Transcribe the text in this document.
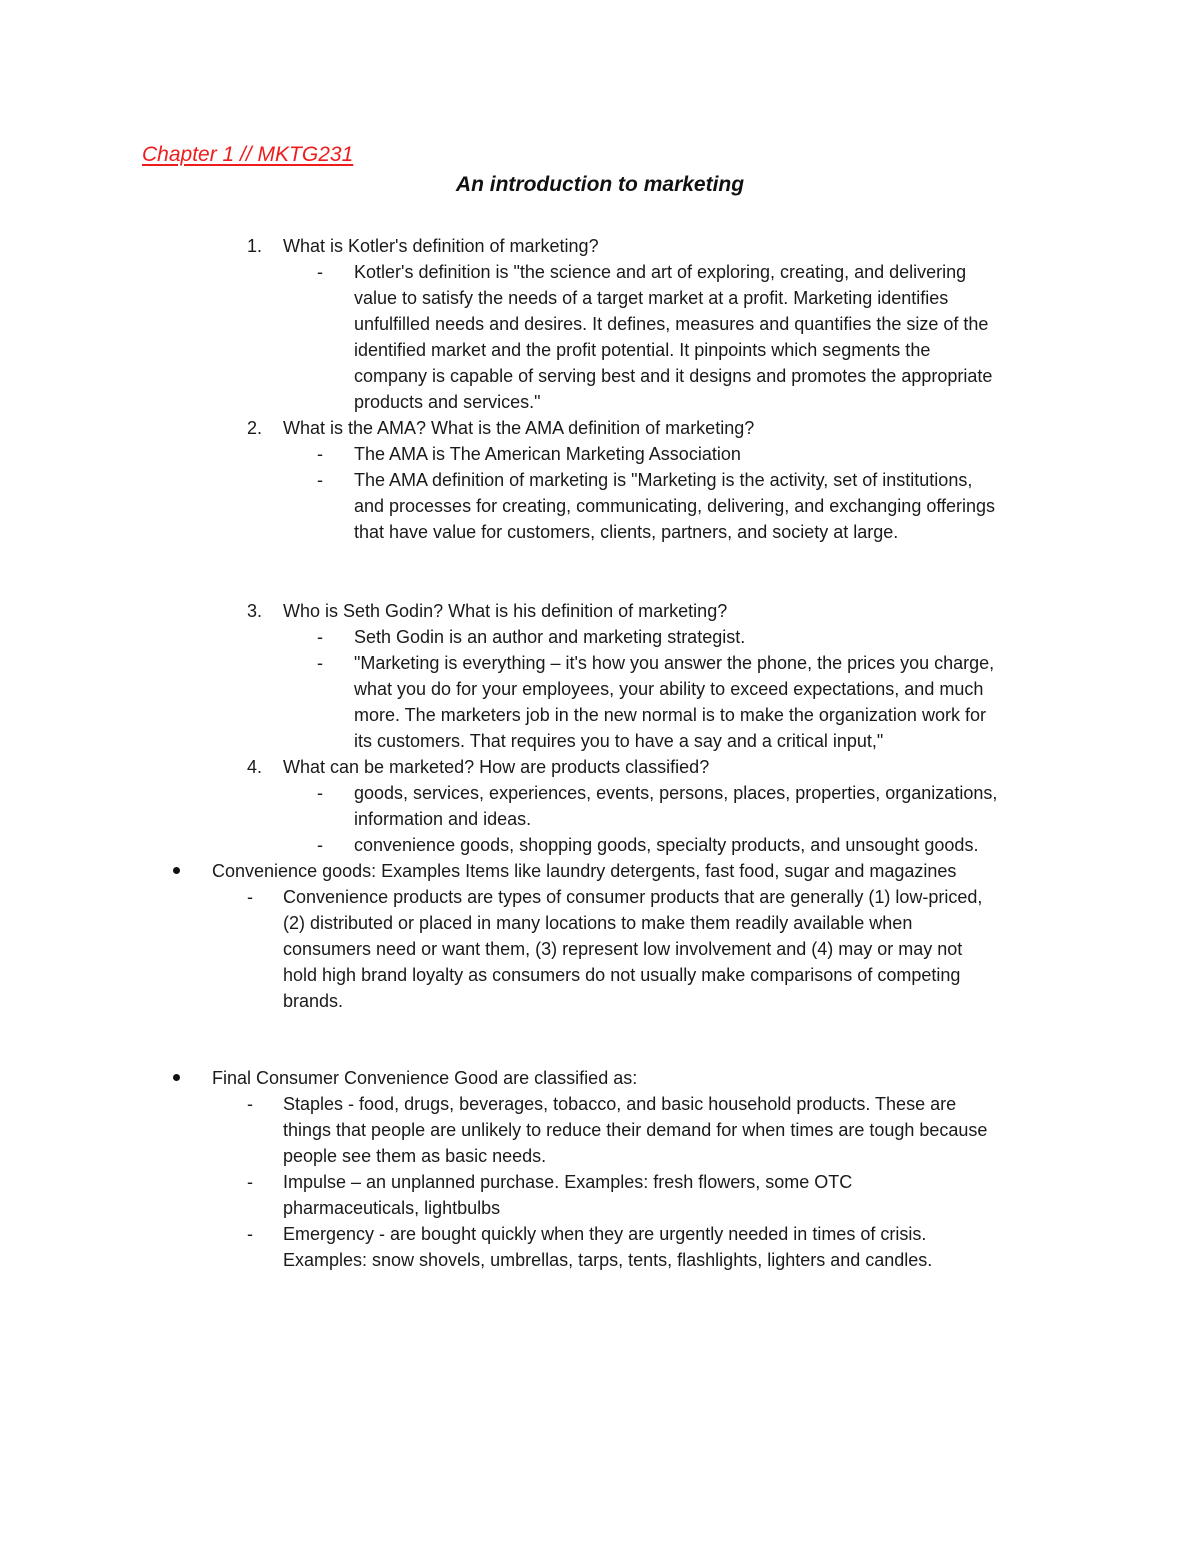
Chapter 1 // MKTG231
An introduction to marketing
1. What is Kotler's definition of marketing?
- Kotler's definition is "the science and art of exploring, creating, and delivering
value to satisfy the needs of a target market at a profit. Marketing identifies
unfulfilled needs and desires. It defines, measures and quantifies the size of the
identified market and the profit potential. It pinpoints which segments the
company is capable of serving best and it designs and promotes the appropriate
products and services."
2. What is the AMA? What is the AMA definition of marketing?
- The AMA is The American Marketing Association
- The AMA definition of marketing is "Marketing is the activity, set of institutions,
and processes for creating, communicating, delivering, and exchanging offerings
that have value for customers, clients, partners, and society at large.
3. Who is Seth Godin? What is his definition of marketing?
- Seth Godin is an author and marketing strategist.
- "Marketing is everything – it's how you answer the phone, the prices you charge,
what you do for your employees, your ability to exceed expectations, and much
more. The marketers job in the new normal is to make the organization work for
its customers. That requires you to have a say and a critical input,"
4. What can be marketed? How are products classified?
- goods, services, experiences, events, persons, places, properties, organizations,
information and ideas.
- convenience goods, shopping goods, specialty products, and unsought goods.
Convenience goods: Examples Items like laundry detergents, fast food, sugar and magazines
- Convenience products are types of consumer products that are generally (1) low-priced,
(2) distributed or placed in many locations to make them readily available when
consumers need or want them, (3) represent low involvement and (4) may or may not
hold high brand loyalty as consumers do not usually make comparisons of competing
brands.
Final Consumer Convenience Good are classified as:
- Staples - food, drugs, beverages, tobacco, and basic household products. These are
things that people are unlikely to reduce their demand for when times are tough because
people see them as basic needs.
- Impulse – an unplanned purchase. Examples: fresh flowers, some OTC
pharmaceuticals, lightbulbs
- Emergency - are bought quickly when they are urgently needed in times of crisis.
Examples: snow shovels, umbrellas, tarps, tents, flashlights, lighters and candles.
